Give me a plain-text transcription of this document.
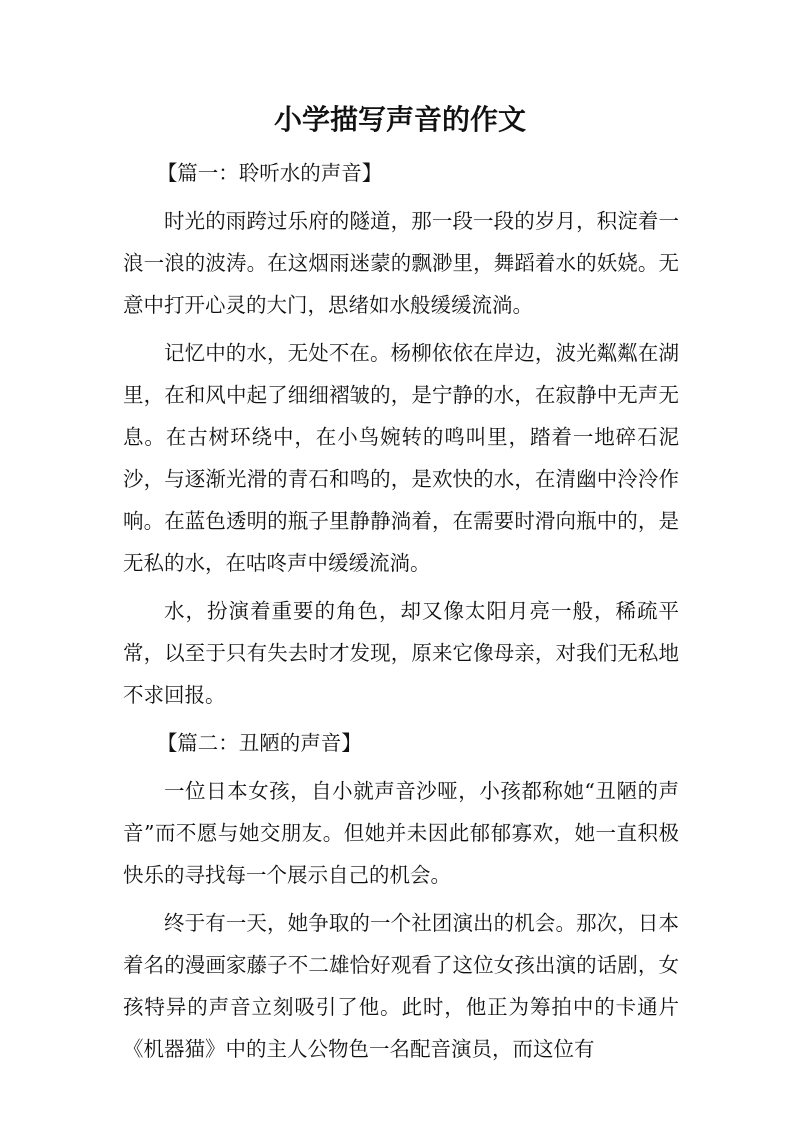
小学描写声音的作文

【篇一：聆听水的声音】

时光的雨跨过乐府的隧道，那一段一段的岁月，积淀着一浪一浪的波涛。在这烟雨迷蒙的飘渺里，舞蹈着水的妖娆。无意中打开心灵的大门，思绪如水般缓缓流淌。

记忆中的水，无处不在。杨柳依依在岸边，波光粼粼在湖里，在和风中起了细细褶皱的，是宁静的水，在寂静中无声无息。在古树环绕中，在小鸟婉转的鸣叫里，踏着一地碎石泥沙，与逐渐光滑的青石和鸣的，是欢快的水，在清幽中泠泠作响。在蓝色透明的瓶子里静静淌着，在需要时滑向瓶中的，是无私的水，在咕咚声中缓缓流淌。

水，扮演着重要的角色，却又像太阳月亮一般，稀疏平常，以至于只有失去时才发现，原来它像母亲，对我们无私地不求回报。

【篇二：丑陋的声音】

一位日本女孩，自小就声音沙哑，小孩都称她“丑陋的声音”而不愿与她交朋友。但她并未因此郁郁寡欢，她一直积极快乐的寻找每一个展示自己的机会。

终于有一天，她争取的一个社团演出的机会。那次，日本着名的漫画家藤子不二雄恰好观看了这位女孩出演的话剧，女孩特异的声音立刻吸引了他。此时，他正为筹拍中的卡通片《机器猫》中的主人公物色一名配音演员，而这位有
